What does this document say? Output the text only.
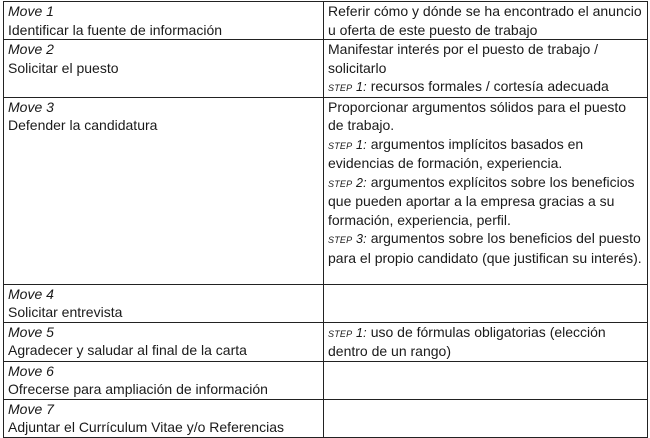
Move 1
Identificar la fuente de información	Referir cómo y dónde se ha encontrado el anuncio u oferta de este puesto de trabajo

Move 2
Solicitar el puesto	Manifestar interés por el puesto de trabajo / solicitarlo
step 1: recursos formales / cortesía adecuada

Move 3
Defender la candidatura	Proporcionar argumentos sólidos para el puesto de trabajo.
step 1: argumentos implícitos basados en evidencias de formación, experiencia.
step 2: argumentos explícitos sobre los beneficios que pueden aportar a la empresa gracias a su formación, experiencia, perfil.
step 3: argumentos sobre los beneficios del puesto para el propio candidato (que justifican su interés).

Move 4
Solicitar entrevista	

Move 5
Agradecer y saludar al final de la carta	step 1: uso de fórmulas obligatorias (elección dentro de un rango)

Move 6
Ofrecerse para ampliación de información	

Move 7
Adjuntar el Currículum Vitae y/o Referencias	
